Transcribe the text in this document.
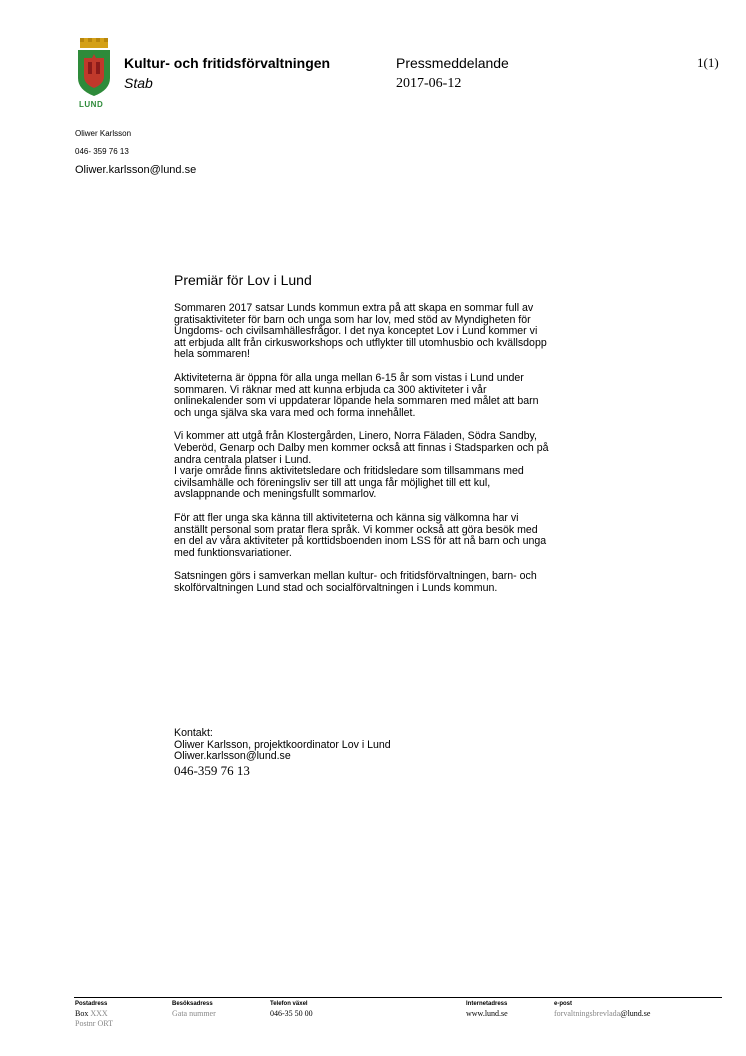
LUND
Kultur- och fritidsförvaltningen
Stab
Pressmeddelande
2017-06-12
1(1)
Oliwer Karlsson
046- 359 76 13
Oliwer.karlsson@lund.se
Premiär för Lov i Lund
Sommaren 2017 satsar Lunds kommun extra på att skapa en sommar full av
gratisaktiviteter för barn och unga som har lov, med stöd av Myndigheten för
Ungdoms- och civilsamhällesfrågor. I det nya konceptet Lov i Lund kommer vi
att erbjuda allt från cirkusworkshops och utflykter till utomhusbio och kvällsdopp
hela sommaren!
Aktiviteterna är öppna för alla unga mellan 6-15 år som vistas i Lund under
sommaren. Vi räknar med att kunna erbjuda ca 300 aktiviteter i vår
onlinekalender som vi uppdaterar löpande hela sommaren med målet att barn
och unga själva ska vara med och forma innehållet.
Vi kommer att utgå från Klostergården, Linero, Norra Fäladen, Södra Sandby,
Veberöd, Genarp och Dalby men kommer också att finnas i Stadsparken och på
andra centrala platser i Lund.
I varje område finns aktivitetsledare och fritidsledare som tillsammans med
civilsamhälle och föreningsliv ser till att unga får möjlighet till ett kul,
avslappnande och meningsfullt sommarlov.
För att fler unga ska känna till aktiviteterna och känna sig välkomna har vi
anställt personal som pratar flera språk. Vi kommer också att göra besök med
en del av våra aktiviteter på korttidsboenden inom LSS för att nå barn och unga
med funktionsvariationer.
Satsningen görs i samverkan mellan kultur- och fritidsförvaltningen, barn- och
skolförvaltningen Lund stad och socialförvaltningen i Lunds kommun.
Kontakt:
Oliwer Karlsson, projektkoordinator Lov i Lund
Oliwer.karlsson@lund.se
046-359 76 13
Postadress
Box XXX
Postnr ORT
Besöksadress
Gata nummer
Telefon växel
046-35 50 00
Internetadress
www.lund.se
e-post
forvaltningsbrevlada@lund.se
